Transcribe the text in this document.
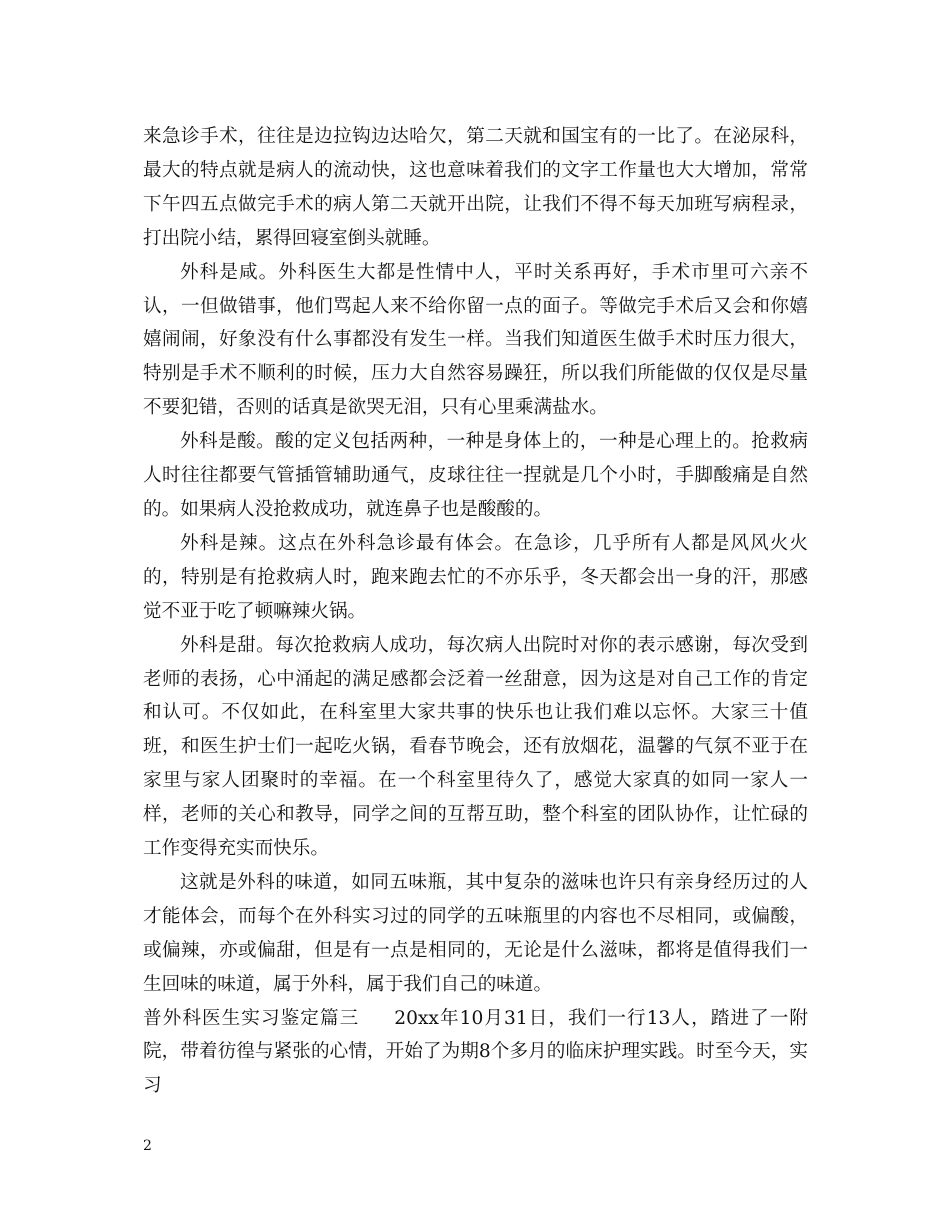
来急诊手术，往往是边拉钩边达哈欠，第二天就和国宝有的一比了。在泌尿科，最大的特点就是病人的流动快，这也意味着我们的文字工作量也大大增加，常常下午四五点做完手术的病人第二天就开出院，让我们不得不每天加班写病程录，打出院小结，累得回寝室倒头就睡。

外科是咸。外科医生大都是性情中人，平时关系再好，手术市里可六亲不认，一但做错事，他们骂起人来不给你留一点的面子。等做完手术后又会和你嬉嬉闹闹，好象没有什么事都没有发生一样。当我们知道医生做手术时压力很大，特别是手术不顺利的时候，压力大自然容易躁狂，所以我们所能做的仅仅是尽量不要犯错，否则的话真是欲哭无泪，只有心里乘满盐水。

外科是酸。酸的定义包括两种，一种是身体上的，一种是心理上的。抢救病人时往往都要气管插管辅助通气，皮球往往一捏就是几个小时，手脚酸痛是自然的。如果病人没抢救成功，就连鼻子也是酸酸的。

外科是辣。这点在外科急诊最有体会。在急诊，几乎所有人都是风风火火的，特别是有抢救病人时，跑来跑去忙的不亦乐乎，冬天都会出一身的汗，那感觉不亚于吃了顿嘛辣火锅。

外科是甜。每次抢救病人成功，每次病人出院时对你的表示感谢，每次受到老师的表扬，心中涌起的满足感都会泛着一丝甜意，因为这是对自己工作的肯定和认可。不仅如此，在科室里大家共事的快乐也让我们难以忘怀。大家三十值班，和医生护士们一起吃火锅，看春节晚会，还有放烟花，温馨的气氛不亚于在家里与家人团聚时的幸福。在一个科室里待久了，感觉大家真的如同一家人一样，老师的关心和教导，同学之间的互帮互助，整个科室的团队协作，让忙碌的工作变得充实而快乐。

这就是外科的味道，如同五味瓶，其中复杂的滋味也许只有亲身经历过的人才能体会，而每个在外科实习过的同学的五味瓶里的内容也不尽相同，或偏酸，或偏辣，亦或偏甜，但是有一点是相同的，无论是什么滋味，都将是值得我们一生回味的味道，属于外科，属于我们自己的味道。

普外科医生实习鉴定篇三 20xx年10月31日，我们一行13人，踏进了一附院，带着彷徨与紧张的心情，开始了为期8个多月的临床护理实践。时至今天，实习

2
